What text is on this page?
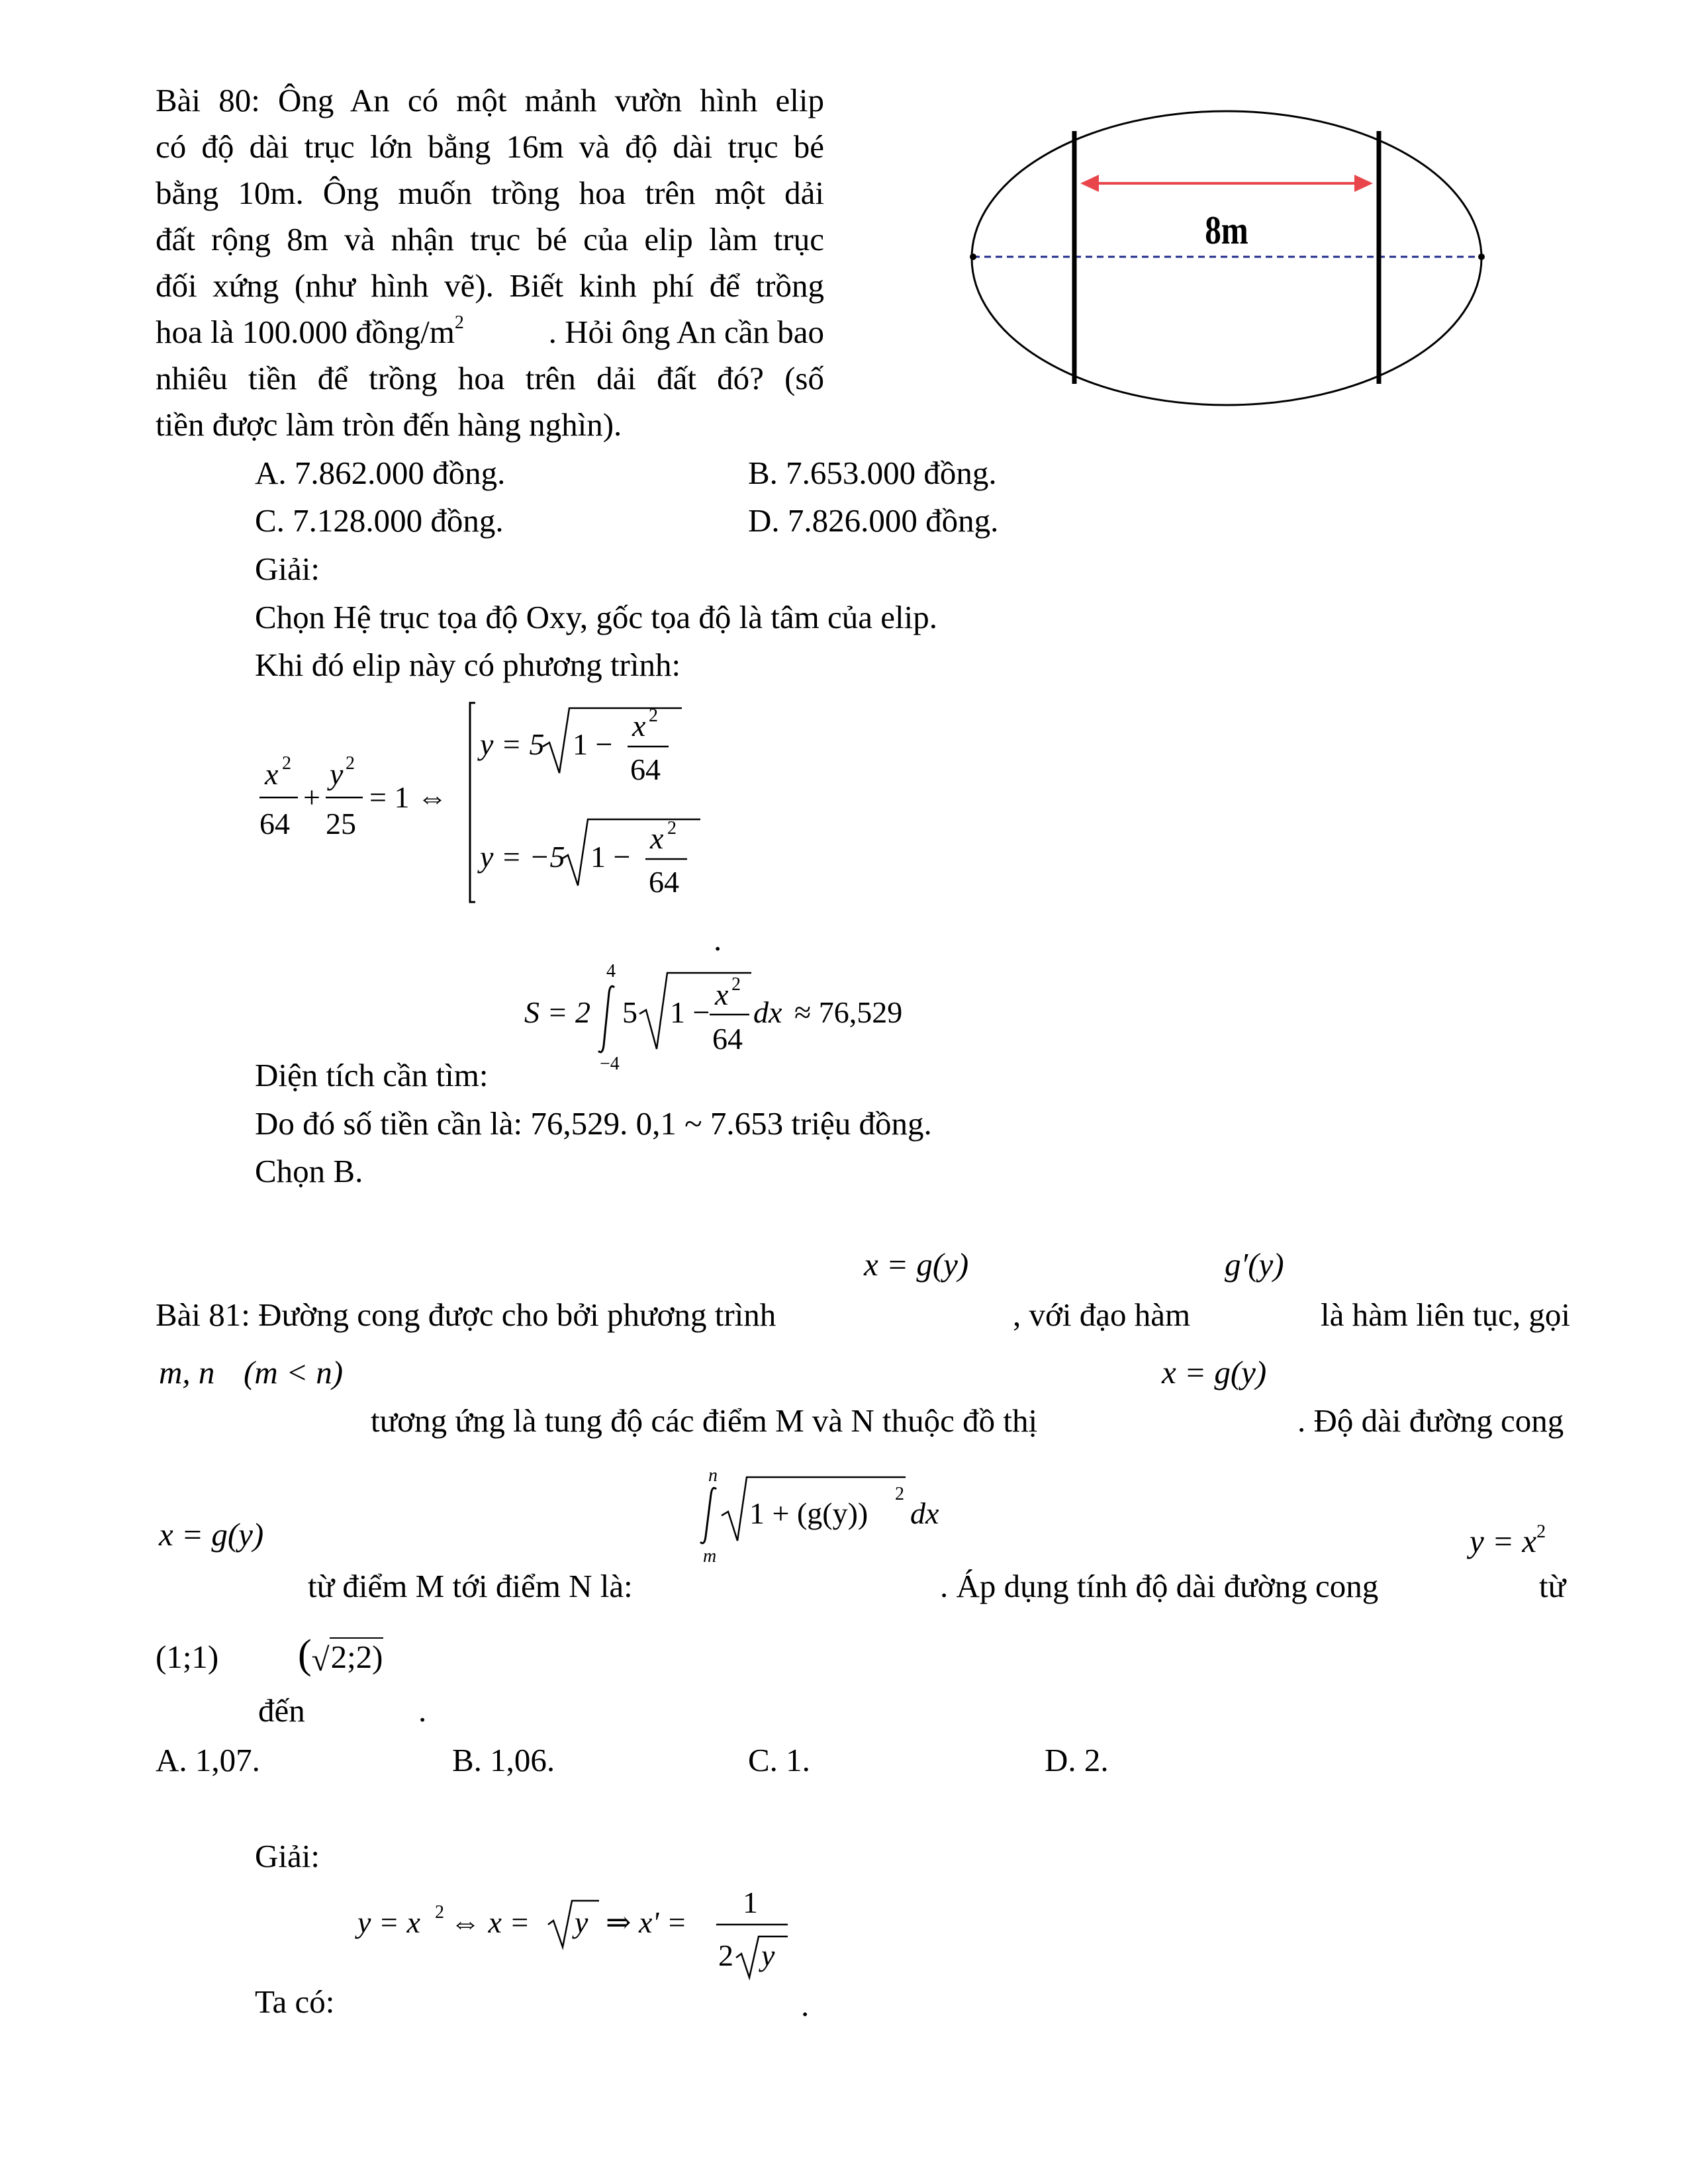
Bài 80: Ông An có một mảnh vườn hình elip
có độ dài trục lớn bằng 16m và độ dài trục bé
bằng 10m. Ông muốn trồng hoa trên một dải
đất rộng 8m và nhận trục bé của elip làm trục
đối xứng (như hình vẽ). Biết kinh phí để trồng
hoa là 100.000 đồng/$m^2$	. Hỏi ông An cần bao
nhiêu tiền để trồng hoa trên dải đất đó? (số
tiền được làm tròn đến hàng nghìn).
8m
A. 7.862.000 đồng.	B. 7.653.000 đồng.
C. 7.128.000 đồng.	D. 7.826.000 đồng.
Giải:
Chọn Hệ trục tọa độ Oxy, gốc tọa độ là tâm của elip.
Khi đó elip này có phương trình:
x 2
64
+
y 2
25
= 1 ⇔
y = 5 1 −
x 2
64
y = −5 1 −
x 2
64
.
S = 2
4
−4
5 1 −
x 2
64
dx ≈ 76,529
Diện tích cần tìm:
Do đó số tiền cần là: 76,529. 0,1 ~ 7.653 triệu đồng.
Chọn B.
x = g(y)	g′(y)
Bài 81: Đường cong được cho bởi phương trình	, với đạo hàm	là hàm liên tục, gọi
m, n (m < n)	x = g(y)
tương ứng là tung độ các điểm M và N thuộc đồ thị	. Độ dài đường cong
n
m
1 + (g(y))
2
dx
x = g(y)	$y = x^2$
từ điểm M tới điểm N là:	. Áp dụng tính độ dài đường cong	từ
(1;1) (√2;2)
đến	.
A. 1,07.	B. 1,06.	C. 1.	D. 2.
Giải:
y = x 2 ⇔ x = y ⇒ x' =
1
2 y
Ta có:	.
